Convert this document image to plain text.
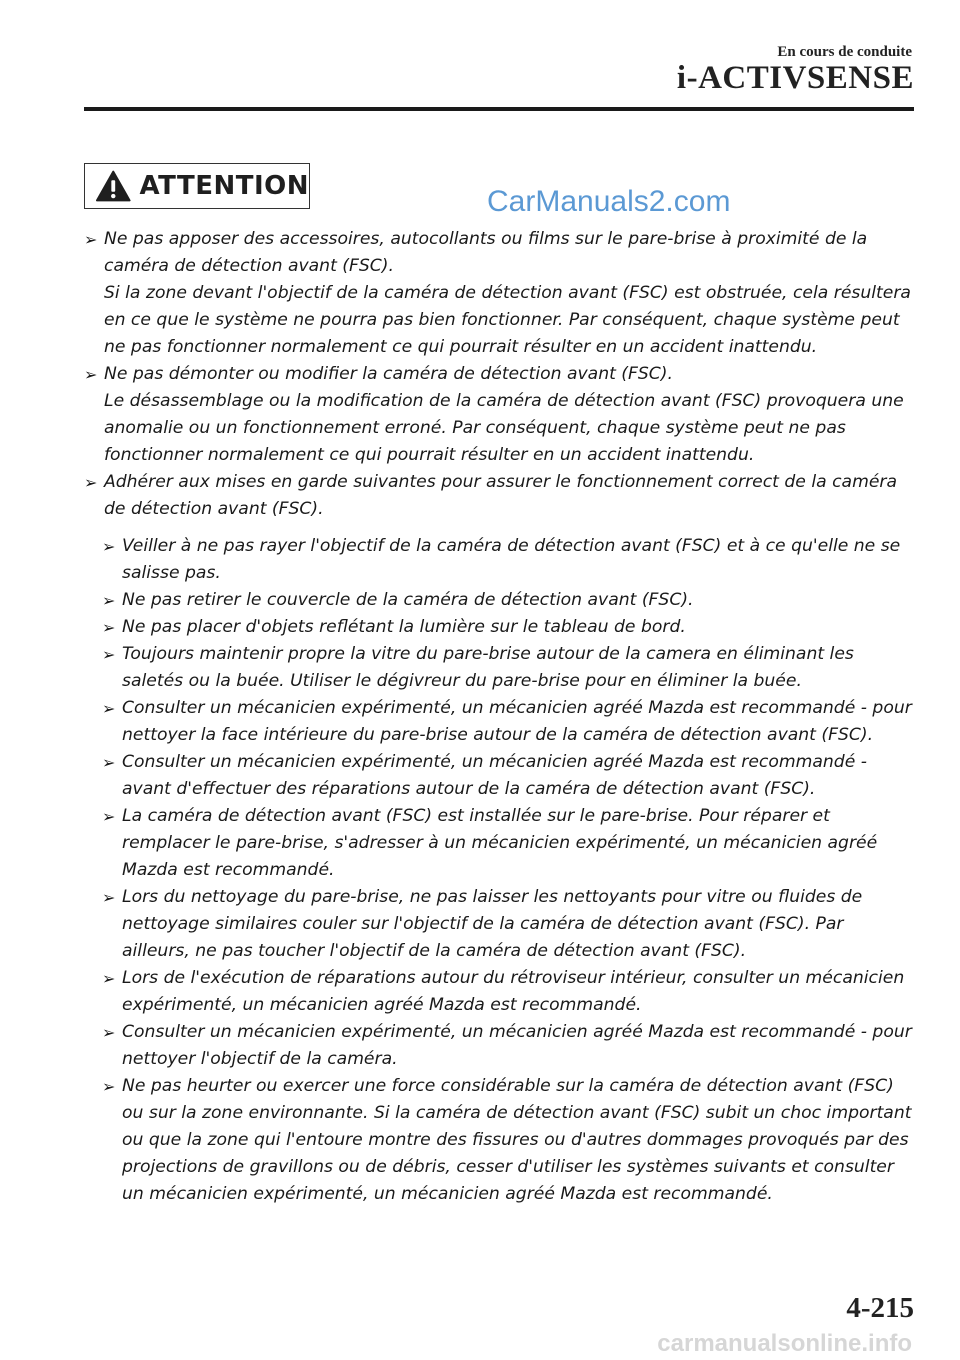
En cours de conduite
i-ACTIVSENSE
ATTENTION	CarManuals2.com
➢ Ne pas apposer des accessoires, autocollants ou films sur le pare-brise à proximité de la caméra de détection avant (FSC).

Si la zone devant l'objectif de la caméra de détection avant (FSC) est obstruée, cela résultera en ce que le système ne pourra pas bien fonctionner. Par conséquent, chaque système peut ne pas fonctionner normalement ce qui pourrait résulter en un accident inattendu.

➢ Ne pas démonter ou modifier la caméra de détection avant (FSC).

Le désassemblage ou la modification de la caméra de détection avant (FSC) provoquera une anomalie ou un fonctionnement erroné. Par conséquent, chaque système peut ne pas fonctionner normalement ce qui pourrait résulter en un accident inattendu.

➢ Adhérer aux mises en garde suivantes pour assurer le fonctionnement correct de la caméra de détection avant (FSC).

➢ Veiller à ne pas rayer l'objectif de la caméra de détection avant (FSC) et à ce qu'elle ne se salisse pas.

➢ Ne pas retirer le couvercle de la caméra de détection avant (FSC).

➢ Ne pas placer d'objets reflétant la lumière sur le tableau de bord.

➢ Toujours maintenir propre la vitre du pare-brise autour de la camera en éliminant les saletés ou la buée. Utiliser le dégivreur du pare-brise pour en éliminer la buée.

➢ Consulter un mécanicien expérimenté, un mécanicien agréé Mazda est recommandé - pour nettoyer la face intérieure du pare-brise autour de la caméra de détection avant (FSC).

➢ Consulter un mécanicien expérimenté, un mécanicien agréé Mazda est recommandé - avant d'effectuer des réparations autour de la caméra de détection avant (FSC).

➢ La caméra de détection avant (FSC) est installée sur le pare-brise. Pour réparer et remplacer le pare-brise, s'adresser à un mécanicien expérimenté, un mécanicien agréé Mazda est recommandé.

➢ Lors du nettoyage du pare-brise, ne pas laisser les nettoyants pour vitre ou fluides de nettoyage similaires couler sur l'objectif de la caméra de détection avant (FSC). Par ailleurs, ne pas toucher l'objectif de la caméra de détection avant (FSC).

➢ Lors de l'exécution de réparations autour du rétroviseur intérieur, consulter un mécanicien expérimenté, un mécanicien agréé Mazda est recommandé.

➢ Consulter un mécanicien expérimenté, un mécanicien agréé Mazda est recommandé - pour nettoyer l'objectif de la caméra.

➢ Ne pas heurter ou exercer une force considérable sur la caméra de détection avant (FSC) ou sur la zone environnante. Si la caméra de détection avant (FSC) subit un choc important ou que la zone qui l'entoure montre des fissures ou d'autres dommages provoqués par des projections de gravillons ou de débris, cesser d'utiliser les systèmes suivants et consulter un mécanicien expérimenté, un mécanicien agréé Mazda est recommandé.

4-215
carmanualsonline.info
